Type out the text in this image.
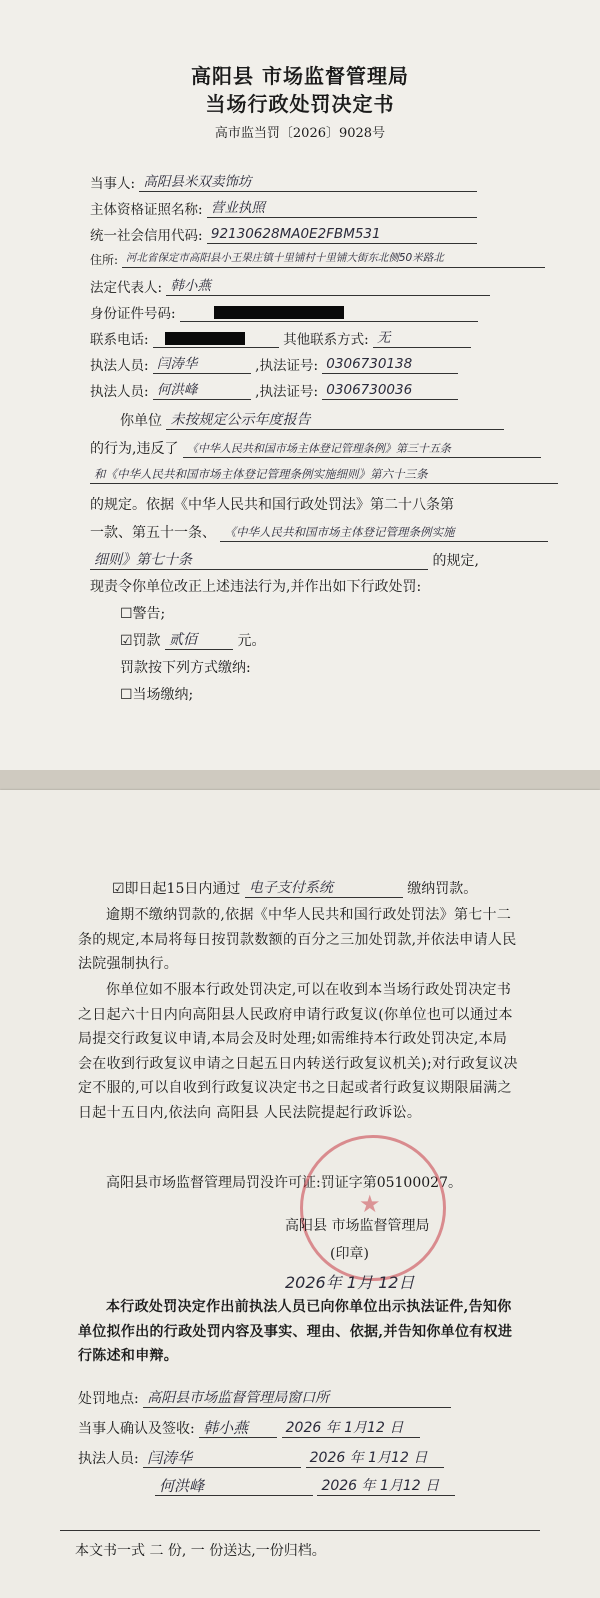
高阳县 市场监督管理局
当场行政处罚决定书
高市监当罚〔2026〕9028号
当事人: 高阳县米双卖饰坊
主体资格证照名称: 营业执照
统一社会信用代码: 92130628MA0E2FBM531
住所: 河北省保定市高阳县小王果庄镇十里铺村十里铺大街东北侧50米路北
法定代表人: 韩小燕
身份证件号码:
联系电话:	其他联系方式: 无
执法人员: 闫涛华	,执法证号: 0306730138
执法人员: 何洪峰	,执法证号: 0306730036
你单位 未按规定公示年度报告
的行为,违反了 《中华人民共和国市场主体登记管理条例》第三十五条
和《中华人民共和国市场主体登记管理条例实施细则》第六十三条
的规定。依据《中华人民共和国行政处罚法》第二十八条第
一款、第五十一条、 《中华人民共和国市场主体登记管理条例实施
细则》第七十条	的规定,
现责令你单位改正上述违法行为,并作出如下行政处罚:
☐警告;
☑罚款 贰佰	元。
罚款按下列方式缴纳:
☐当场缴纳;
☑即日起15日内通过 电子支付系统	缴纳罚款。
逾期不缴纳罚款的,依据《中华人民共和国行政处罚法》第七十二条的规定,本局将每日按罚款数额的百分之三加处罚款,并依法申请人民法院强制执行。
你单位如不服本行政处罚决定,可以在收到本当场行政处罚决定书之日起六十日内向高阳县人民政府申请行政复议(你单位也可以通过本局提交行政复议申请,本局会及时处理;如需维持本行政处罚决定,本局会在收到行政复议申请之日起五日内转送行政复议机关);对行政复议决定不服的,可以自收到行政复议决定书之日起或者行政复议期限届满之日起十五日内,依法向 高阳县 人民法院提起行政诉讼。
高阳县市场监督管理局罚没许可证:罚证字第05100027。
★
高阳县 市场监督管理局
(印章)
2026年 1月 12日
本行政处罚决定作出前执法人员已向你单位出示执法证件,告知你单位拟作出的行政处罚内容及事实、理由、依据,并告知你单位有权进行陈述和申辩。
处罚地点: 高阳县市场监督管理局窗口所
当事人确认及签收: 韩小燕	2026 年 1月12 日
执法人员: 闫涛华	2026 年 1月12 日
何洪峰	2026 年 1月12 日
本文书一式 二 份, 一 份送达,一份归档。
